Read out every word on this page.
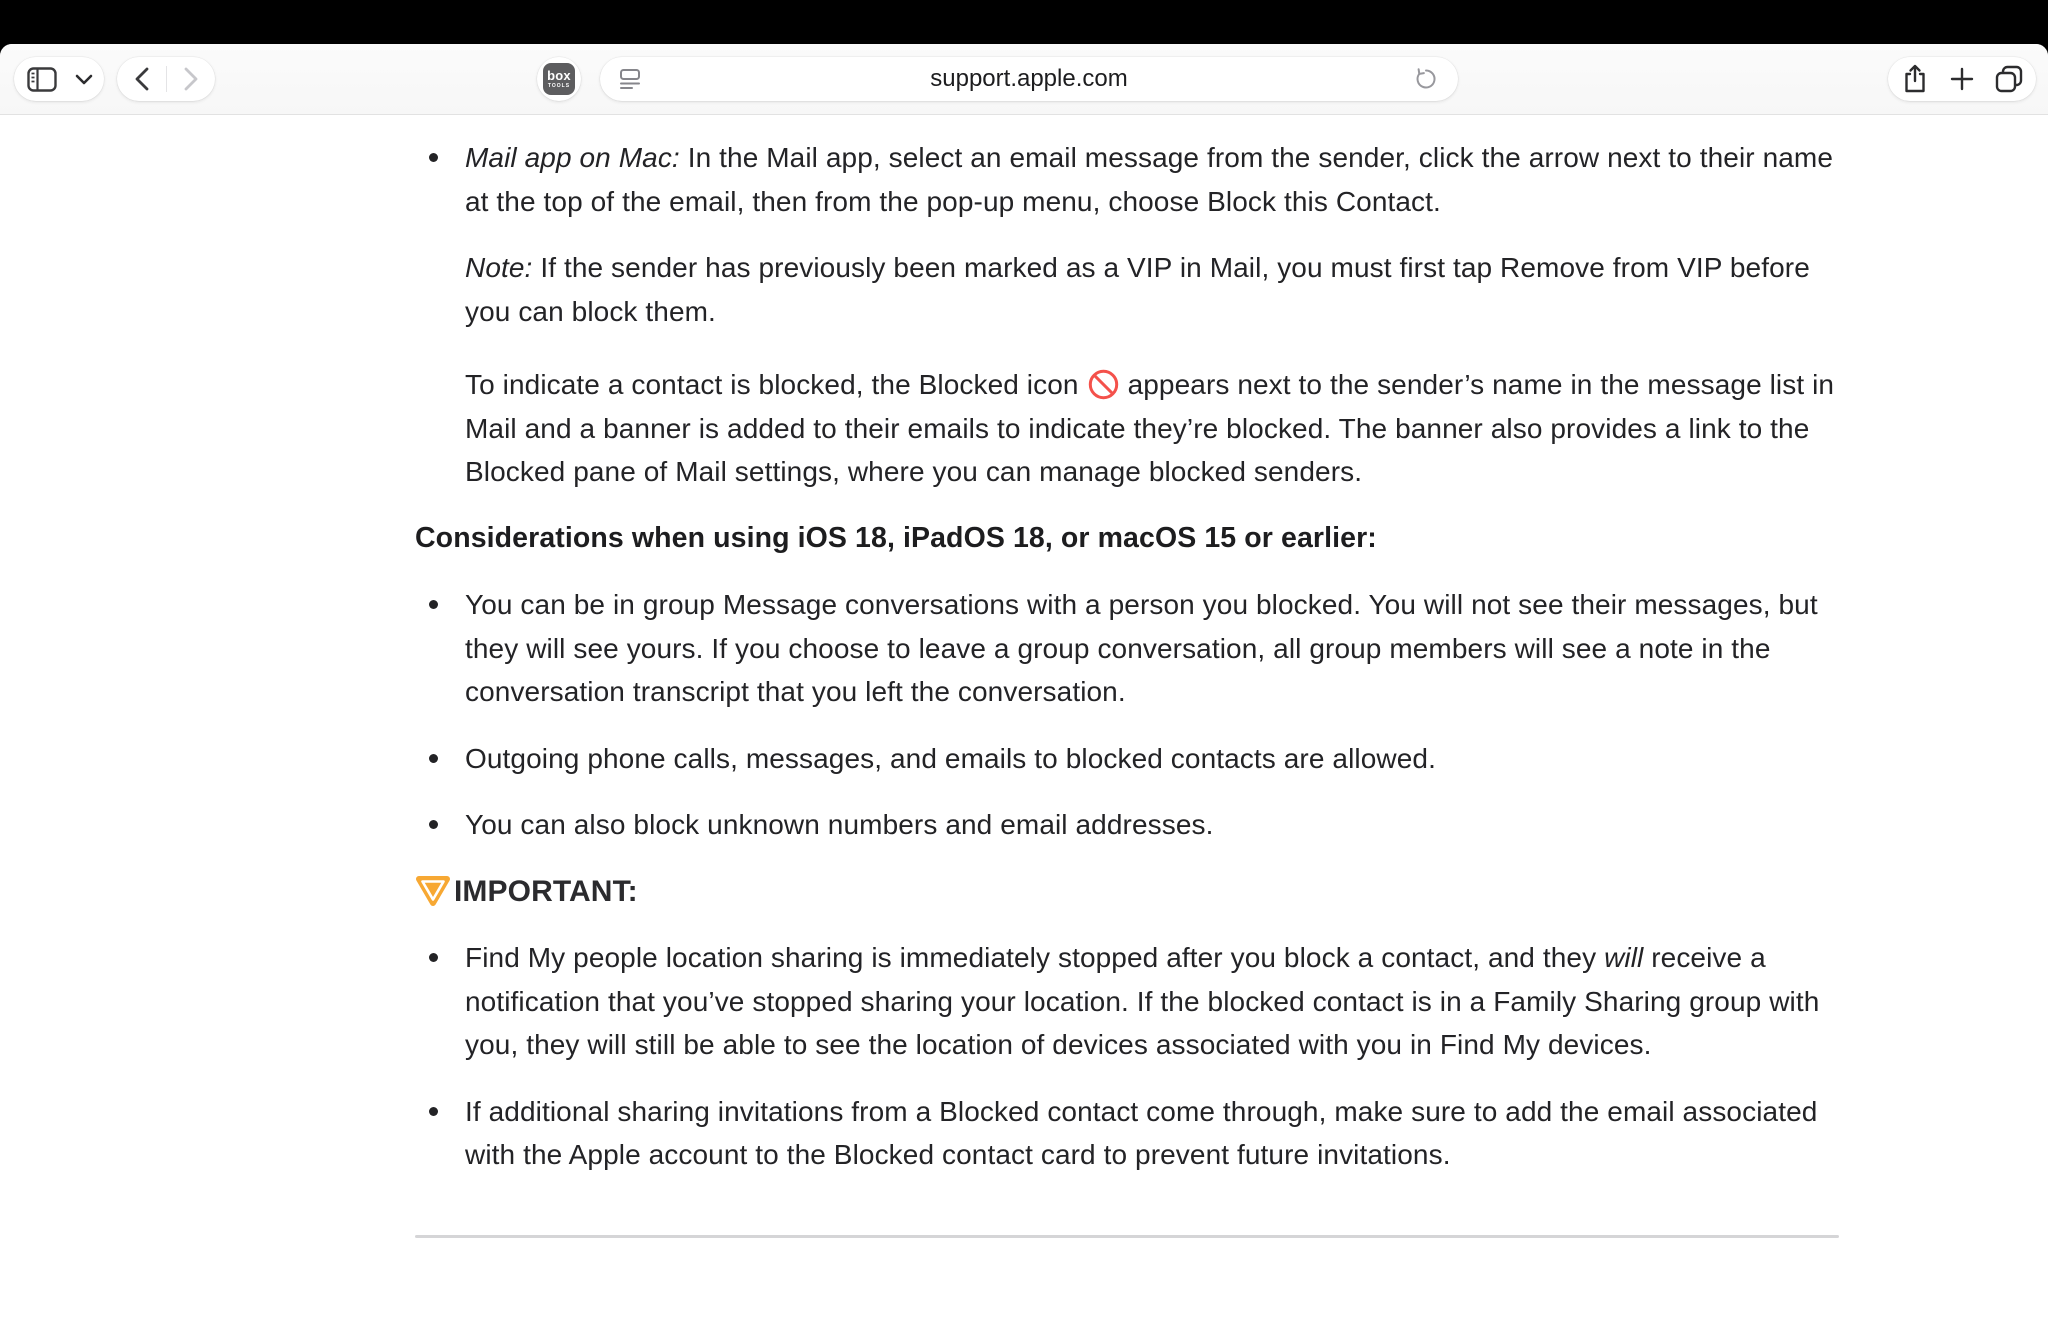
box
TOOLS	support.apple.com
Mail app on Mac: In the Mail app, select an email message from the sender, click the arrow next to their name at the top of the email, then from the pop-up menu, choose Block this Contact.
Note: If the sender has previously been marked as a VIP in Mail, you must first tap Remove from VIP before you can block them.
To indicate a contact is blocked, the Blocked icon appears next to the sender’s name in the message list in Mail and a banner is added to their emails to indicate they’re blocked. The banner also provides a link to the Blocked pane of Mail settings, where you can manage blocked senders.
Considerations when using iOS 18, iPadOS 18, or macOS 15 or earlier:
You can be in group Message conversations with a person you blocked. You will not see their messages, but they will see yours. If you choose to leave a group conversation, all group members will see a note in the conversation transcript that you left the conversation.
Outgoing phone calls, messages, and emails to blocked contacts are allowed.
You can also block unknown numbers and email addresses.
IMPORTANT:
Find My people location sharing is immediately stopped after you block a contact, and they will receive a notification that you’ve stopped sharing your location. If the blocked contact is in a Family Sharing group with you, they will still be able to see the location of devices associated with you in Find My devices.
If additional sharing invitations from a Blocked contact come through, make sure to add the email associated with the Apple account to the Blocked contact card to prevent future invitations.
